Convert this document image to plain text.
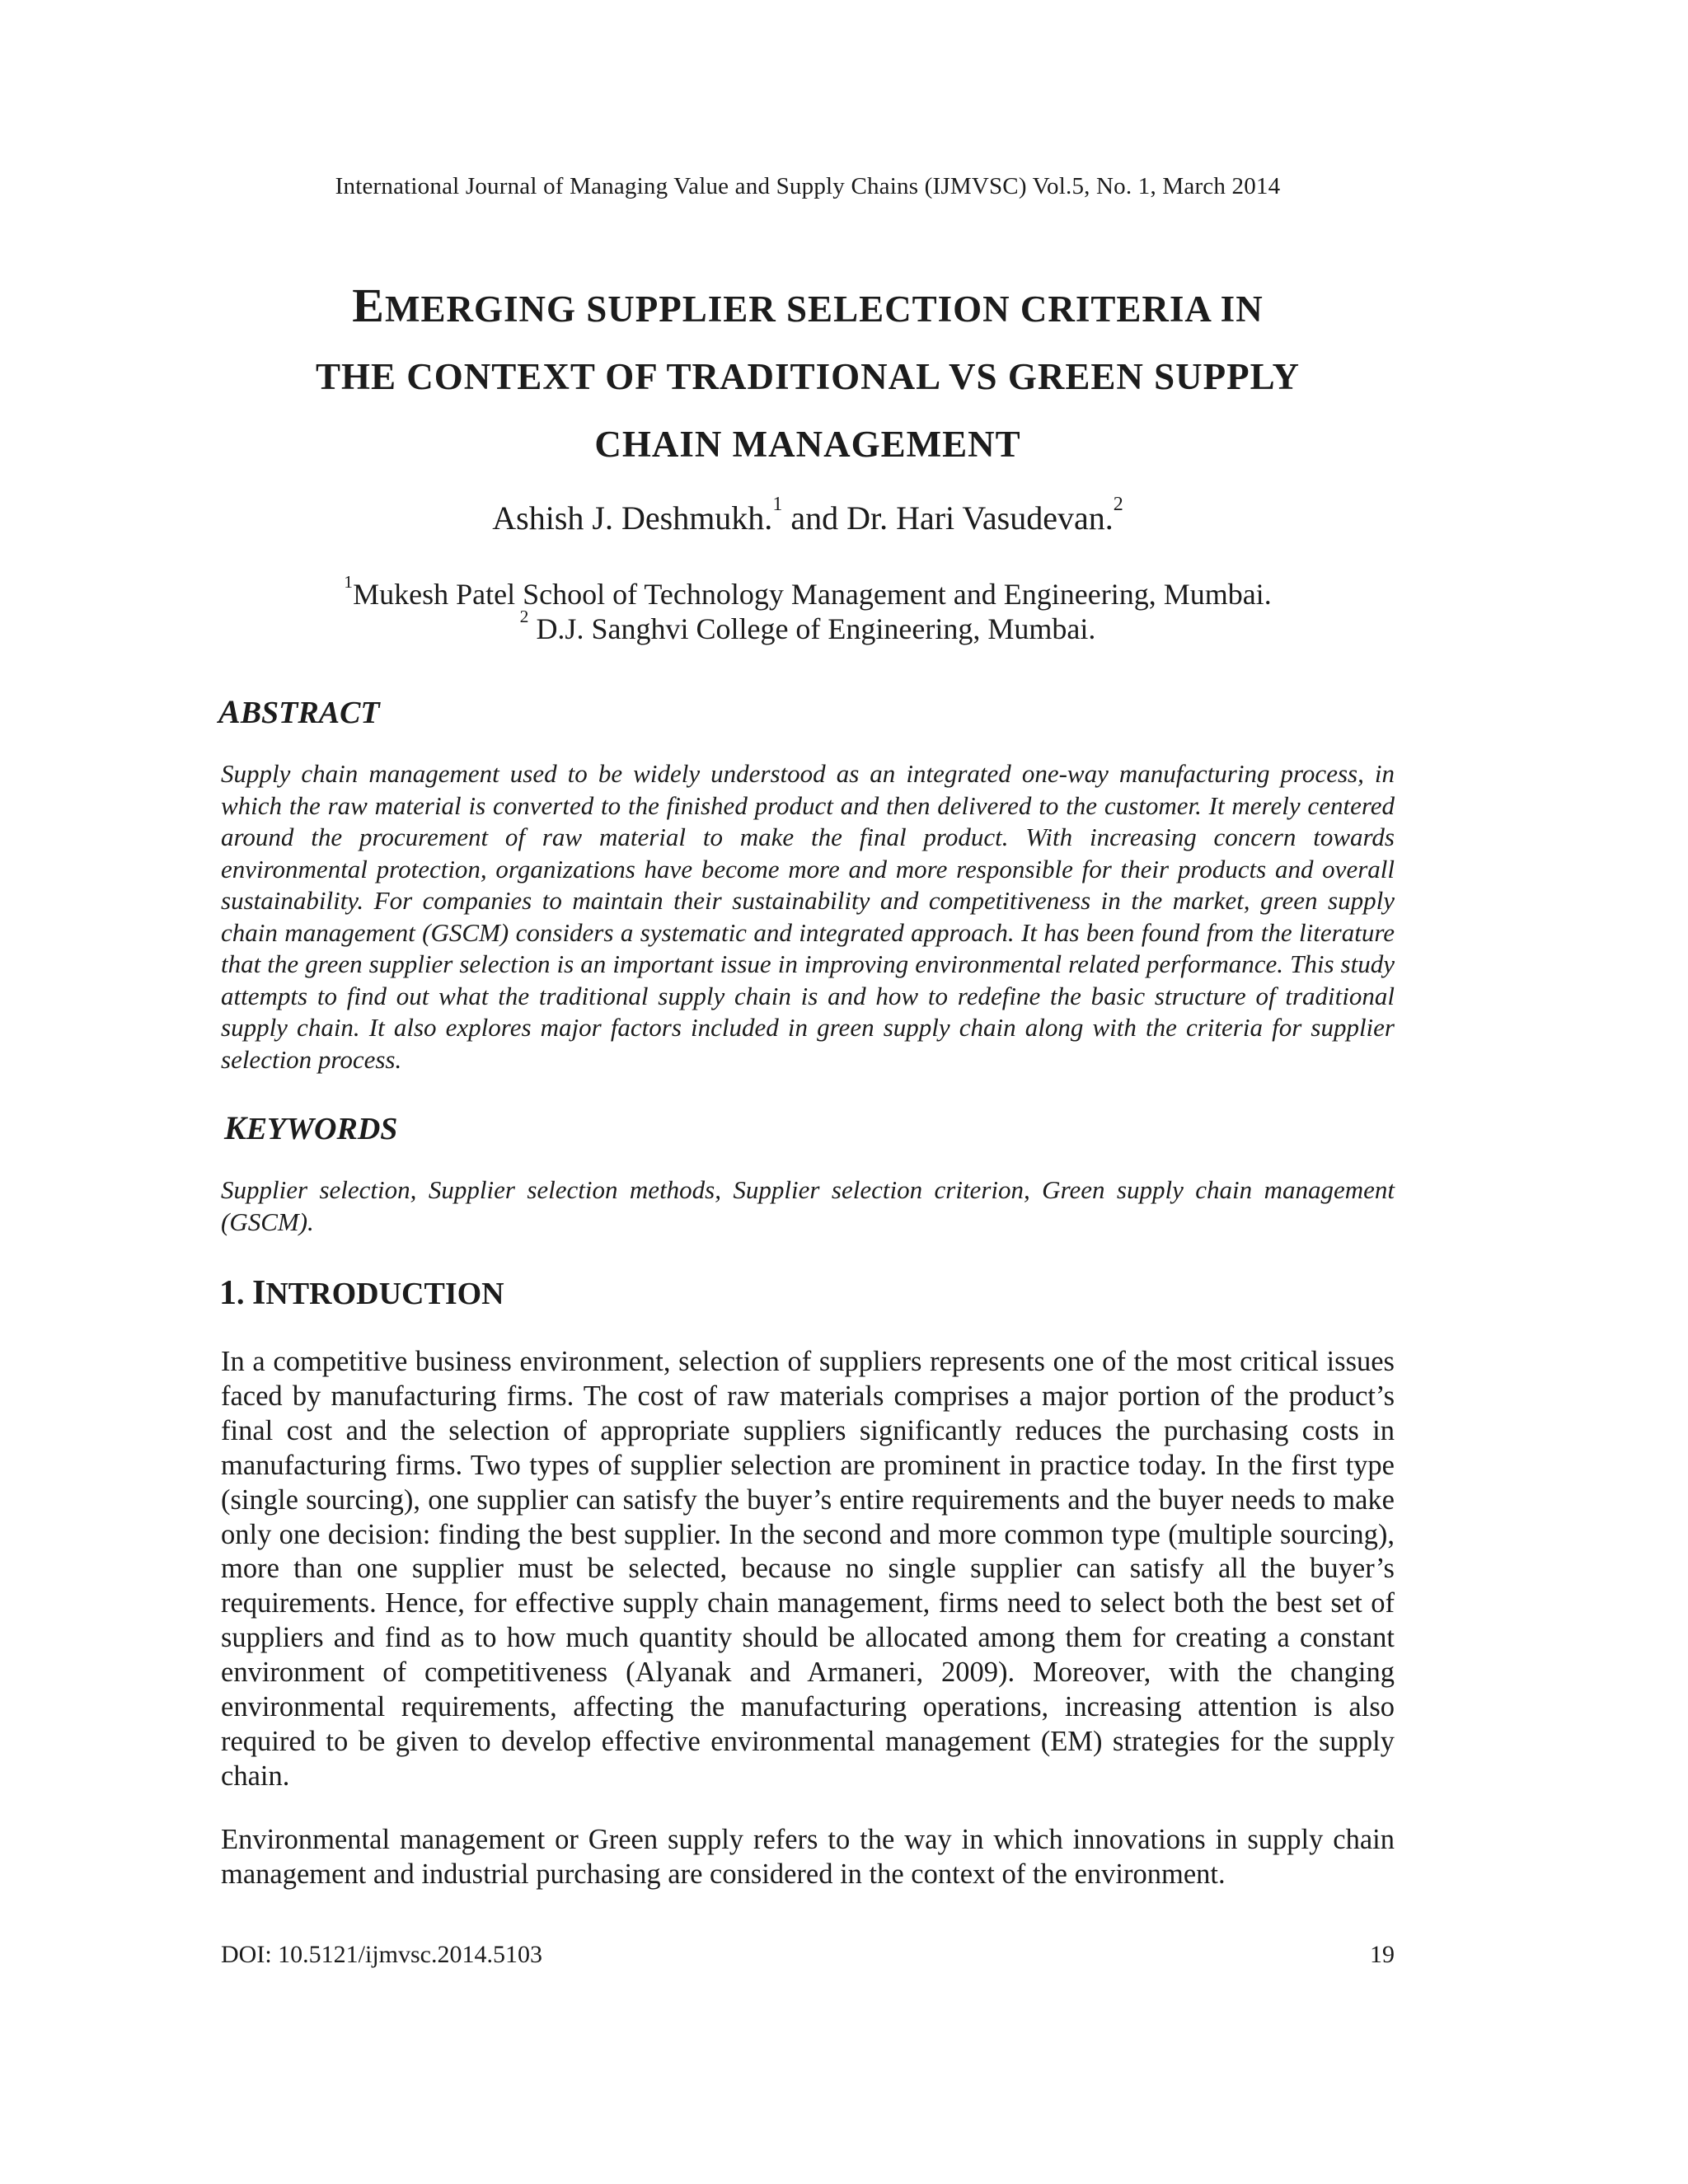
International Journal of Managing Value and Supply Chains (IJMVSC) Vol.5, No. 1, March 2014
EMERGING SUPPLIER SELECTION CRITERIA IN
THE CONTEXT OF TRADITIONAL VS GREEN SUPPLY
CHAIN MANAGEMENT
Ashish J. Deshmukh.$^1$ and Dr. Hari Vasudevan.$^2$
$^1$Mukesh Patel School of Technology Management and Engineering, Mumbai.
$^2$ D.J. Sanghvi College of Engineering, Mumbai.
ABSTRACT
Supply chain management used to be widely understood as an integrated one-way manufacturing process, in which the raw material is converted to the finished product and then delivered to the customer. It merely centered around the procurement of raw material to make the final product. With increasing concern towards environmental protection, organizations have become more and more responsible for their products and overall sustainability. For companies to maintain their sustainability and competitiveness in the market, green supply chain management (GSCM) considers a systematic and integrated approach. It has been found from the literature that the green supplier selection is an important issue in improving environmental related performance. This study attempts to find out what the traditional supply chain is and how to redefine the basic structure of traditional supply chain. It also explores major factors included in green supply chain along with the criteria for supplier selection process.
KEYWORDS
Supplier selection, Supplier selection methods, Supplier selection criterion, Green supply chain management (GSCM).
1. INTRODUCTION
In a competitive business environment, selection of suppliers represents one of the most critical issues faced by manufacturing firms. The cost of raw materials comprises a major portion of the product’s final cost and the selection of appropriate suppliers significantly reduces the purchasing costs in manufacturing firms. Two types of supplier selection are prominent in practice today. In the first type (single sourcing), one supplier can satisfy the buyer’s entire requirements and the buyer needs to make only one decision: finding the best supplier. In the second and more common type (multiple sourcing), more than one supplier must be selected, because no single supplier can satisfy all the buyer’s requirements. Hence, for effective supply chain management, firms need to select both the best set of suppliers and find as to how much quantity should be allocated among them for creating a constant environment of competitiveness (Alyanak and Armaneri, 2009). Moreover, with the changing environmental requirements, affecting the manufacturing operations, increasing attention is also required to be given to develop effective environmental management (EM) strategies for the supply chain.
Environmental management or Green supply refers to the way in which innovations in supply chain management and industrial purchasing are considered in the context of the environment.
DOI: 10.5121/ijmvsc.2014.5103	19
